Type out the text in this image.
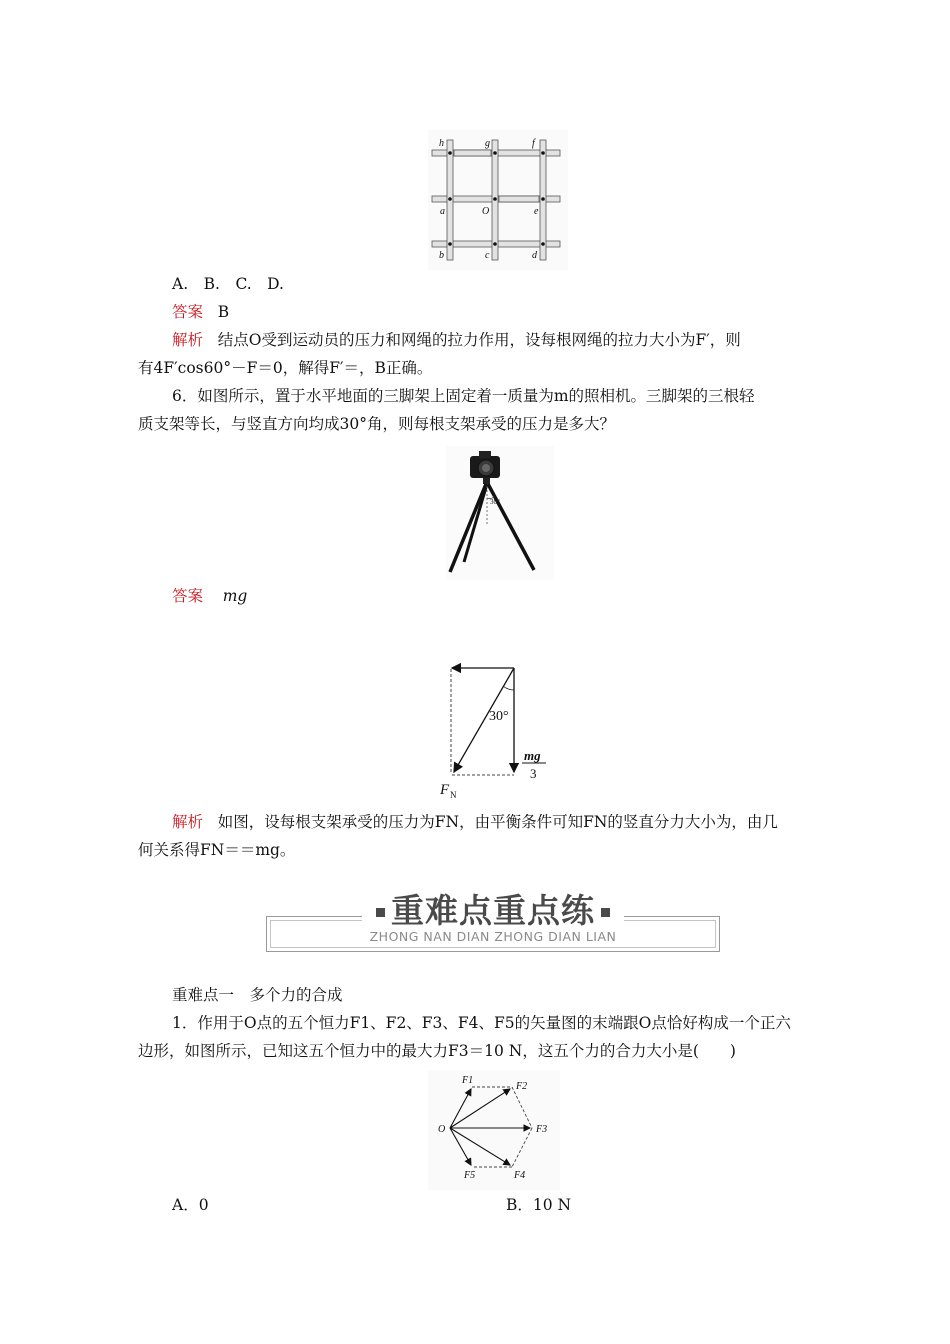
h	g	f
a	O	e
b	c	d
A.　B.　C.　D.
答案 B
解析 结点O受到运动员的压力和网绳的拉力作用，设每根网绳的拉力大小为F′，则
有4F′cos60°－F＝0，解得F′＝，B正确。
6．如图所示，置于水平地面的三脚架上固定着一质量为m的照相机。三脚架的三根轻
质支架等长，与竖直方向均成30°角，则每根支架承受的压力是多大？
30°
答案 mg
30°
mg
3
F N
解析 如图，设每根支架承受的压力为FN，由平衡条件可知FN的竖直分力大小为，由几
何关系得FN＝＝mg。
重难点重点练
ZHONG NAN DIAN ZHONG DIAN LIAN
重难点一　多个力的合成
1．作用于O点的五个恒力F1、F2、F3、F4、F5的矢量图的末端跟O点恰好构成一个正六
边形，如图所示，已知这五个恒力中的最大力F3＝10 N，这五个力的合力大小是(　　)
O
F1
F2
F3
F4
F5
A．0	B．10 N
